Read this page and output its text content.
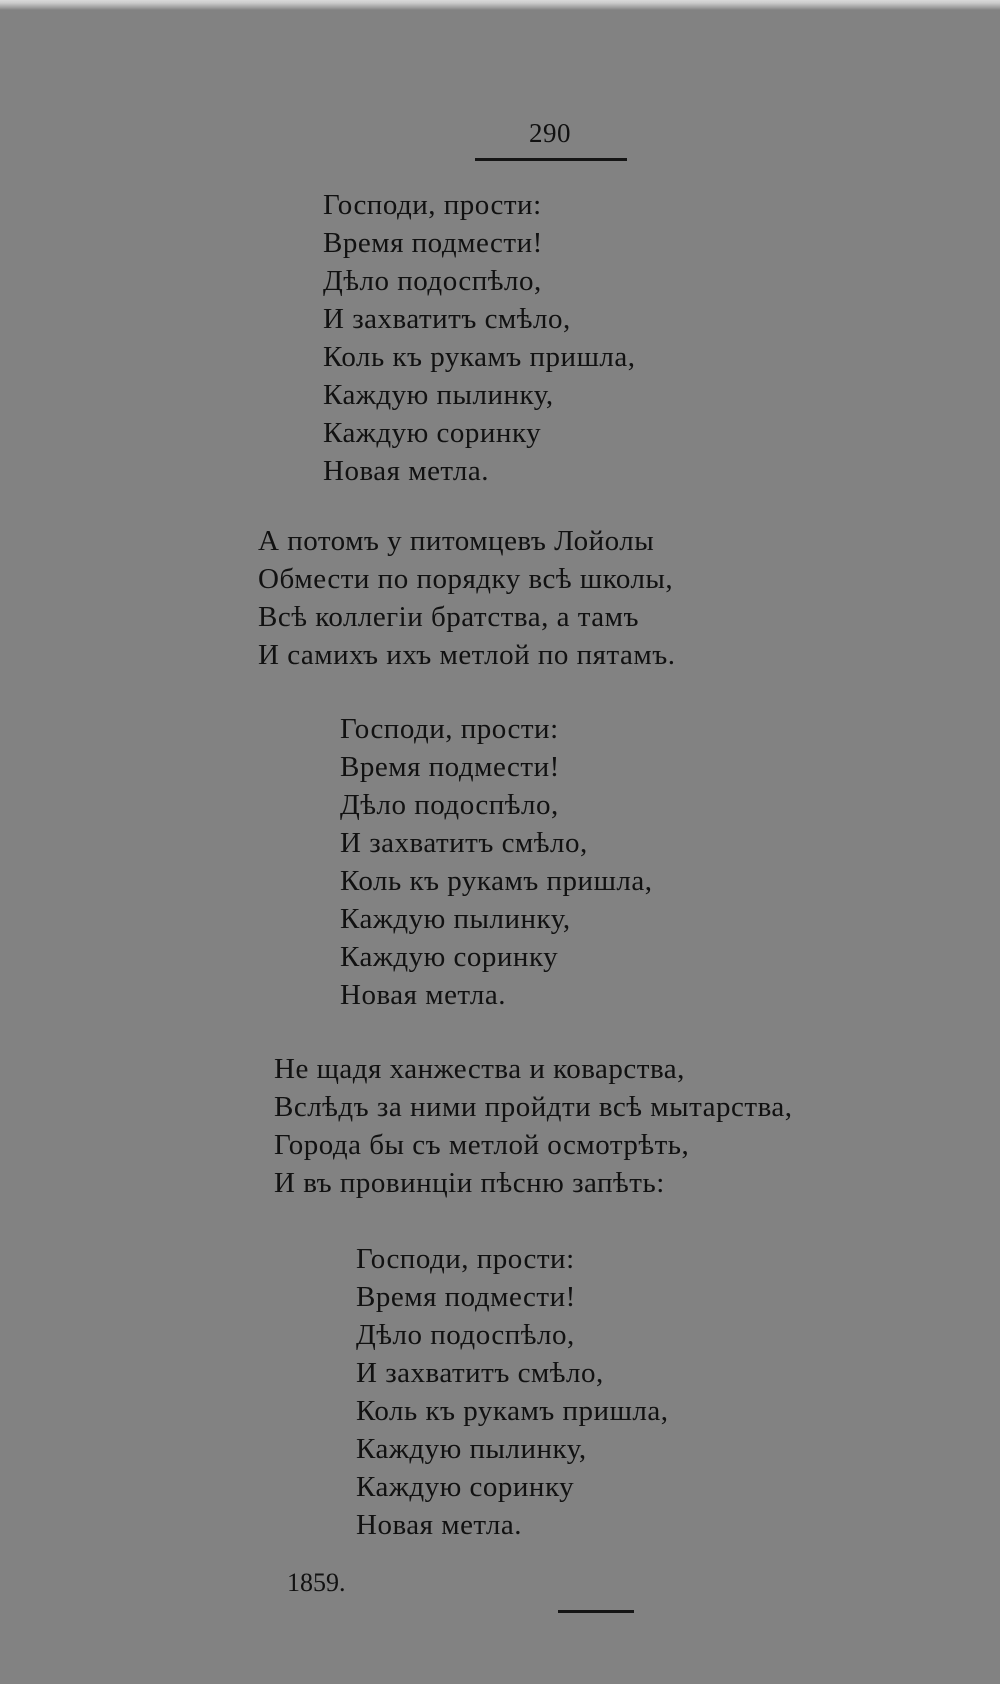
290
Господи, прости:
Время подмести!
Дѣло подоспѣло,
И захватитъ смѣло,
Коль къ рукамъ пришла,
Каждую пылинку,
Каждую соринку
Новая метла.
А потомъ у питомцевъ Лойолы
Обмести по порядку всѣ школы,
Всѣ коллегіи братства, а тамъ
И самихъ ихъ метлой по пятамъ.
Господи, прости:
Время подмести!
Дѣло подоспѣло,
И захватитъ смѣло,
Коль къ рукамъ пришла,
Каждую пылинку,
Каждую соринку
Новая метла.
Не щадя ханжества и коварства,
Вслѣдъ за ними пройдти всѣ мытарства,
Города бы съ метлой осмотрѣть,
И въ провинціи пѣсню запѣть:
Господи, прости:
Время подмести!
Дѣло подоспѣло,
И захватитъ смѣло,
Коль къ рукамъ пришла,
Каждую пылинку,
Каждую соринку
Новая метла.
1859.
